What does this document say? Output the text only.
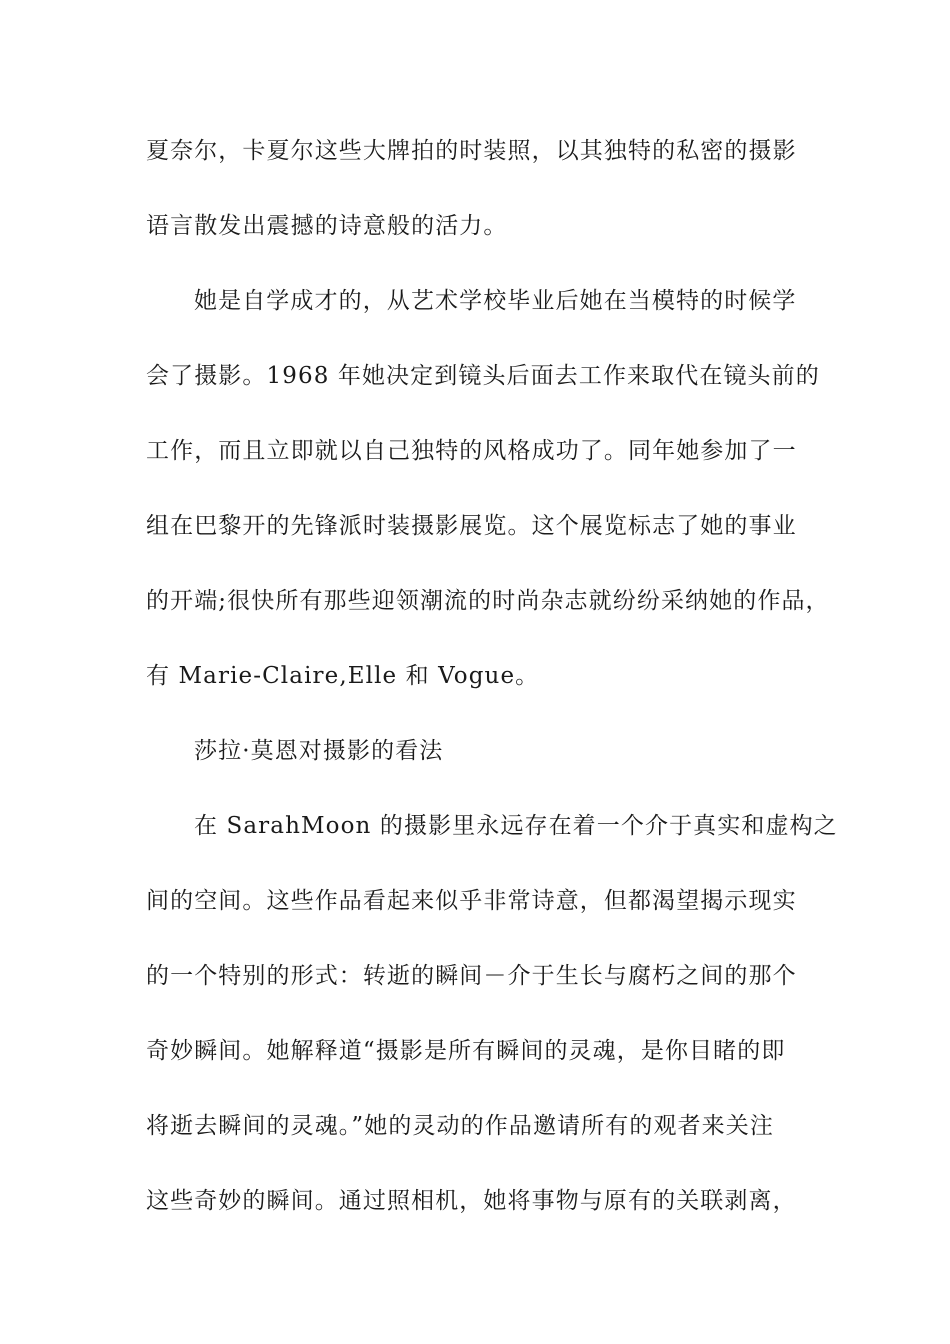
夏奈尔，卡夏尔这些大牌拍的时装照，以其独特的私密的摄影
语言散发出震撼的诗意般的活力。
她是自学成才的，从艺术学校毕业后她在当模特的时候学
会了摄影。1968 年她决定到镜头后面去工作来取代在镜头前的
工作，而且立即就以自己独特的风格成功了。同年她参加了一
组在巴黎开的先锋派时装摄影展览。这个展览标志了她的事业
的开端;很快所有那些迎领潮流的时尚杂志就纷纷采纳她的作品，
有 Marie-Claire,Elle 和 Vogue。
莎拉·莫恩对摄影的看法
在 SarahMoon 的摄影里永远存在着一个介于真实和虚构之
间的空间。这些作品看起来似乎非常诗意，但都渴望揭示现实
的一个特别的形式：转逝的瞬间－介于生长与腐朽之间的那个
奇妙瞬间。她解释道“摄影是所有瞬间的灵魂，是你目睹的即
将逝去瞬间的灵魂。”她的灵动的作品邀请所有的观者来关注
这些奇妙的瞬间。通过照相机，她将事物与原有的关联剥离，
